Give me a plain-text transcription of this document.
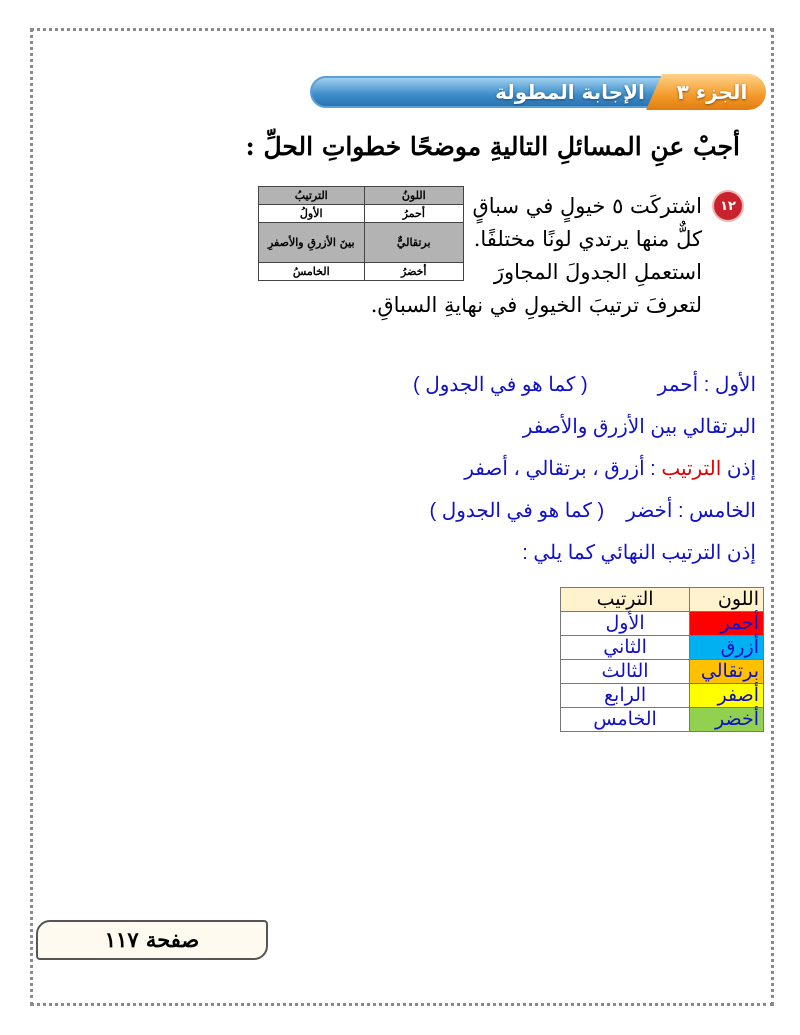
الإجابة المطولة	الجزء ٣
أجبْ عنِ المسائلِ التاليةِ موضحًا خطواتِ الحلِّ :
١٢
اشتركَت ٥ خيولٍ في سباقٍ
كلٌّ منها يرتدي لونًا مختلفًا.
استعملِ الجدولَ المجاورَ
لتعرفَ ترتيبَ الخيولِ في نهايةِ السباقِ.
اللونُ	الترتيبُ
أحمرُ	الأولُ
برتقاليٌّ	بينَ الأزرقِ والأصفرِ
أخضرُ	الخامسُ
الأول : أحمر( كما هو في الجدول )
البرتقالي بين الأزرق والأصفر
إذن الترتيب : أزرق ، برتقالي ، أصفر
الخامس : أخضر( كما هو في الجدول )
إذن الترتيب النهائي كما يلي :
اللون	الترتيب
أحمر	الأول
أزرق	الثاني
برتقالي	الثالث
أصفر	الرابع
أخضر	الخامس
صفحة ١١٧
